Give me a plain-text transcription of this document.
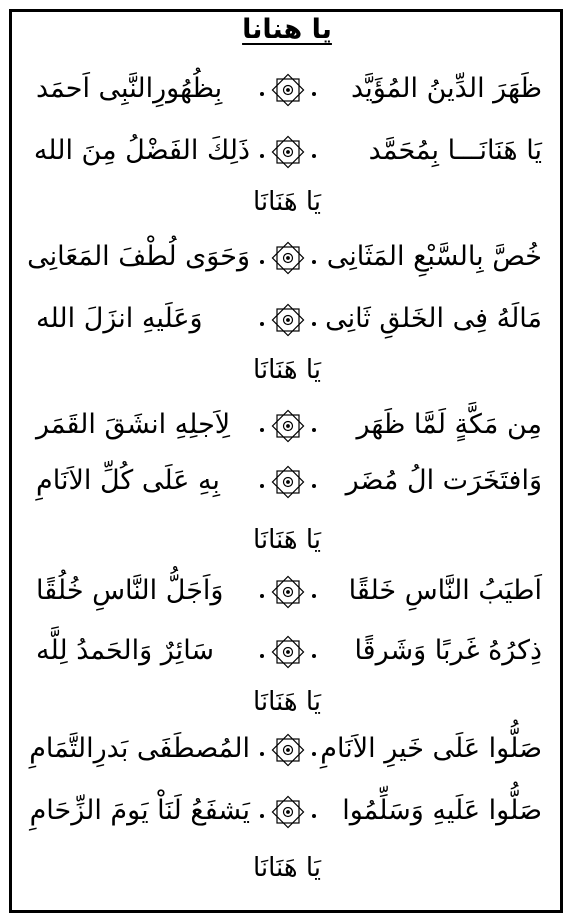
يا هنانا
ظَهَرَ الدِّينُ المُؤَيَّد
بِظُهُورِالنَّبِى اَحمَد
يَا هَنَانَـــا بِمُحَمَّد
ذَلِكَ الفَضْلُ مِنَ الله
يَا هَنَانَا
خُصَّ بِالسَّبْعِ المَثَانِى
وَحَوَى لُطْفَ المَعَانِى
مَالَهُ فِى الخَلقِ ثَانِى
وَعَلَيهِ انزَلَ الله
يَا هَنَانَا
مِن مَكَّةٍ لَمَّا ظَهَر
لِاَجلِهِ انشَقَ القَمَر
وَافتَخَرَت الُ مُضَر
بِهِ عَلَى كُلِّ الاَنَامِ
يَا هَنَانَا
اَطيَبُ النَّاسِ خَلقًا
وَاَجَلُّ النَّاسِ خُلُقًا
ذِكرُهُ غَربًا وَشَرقًا
سَائِرٌ وَالحَمدُ لِلَّه
يَا هَنَانَا
صَلُّوا عَلَى خَيرِ الاَنَامِ
المُصطَفَى بَدرِالتَّمَامِ
صَلُّوا عَلَيهِ وَسَلِّمُوا
يَشفَعُ لَنَاْ يَومَ الزِّحَامِ
يَا هَنَانَا
